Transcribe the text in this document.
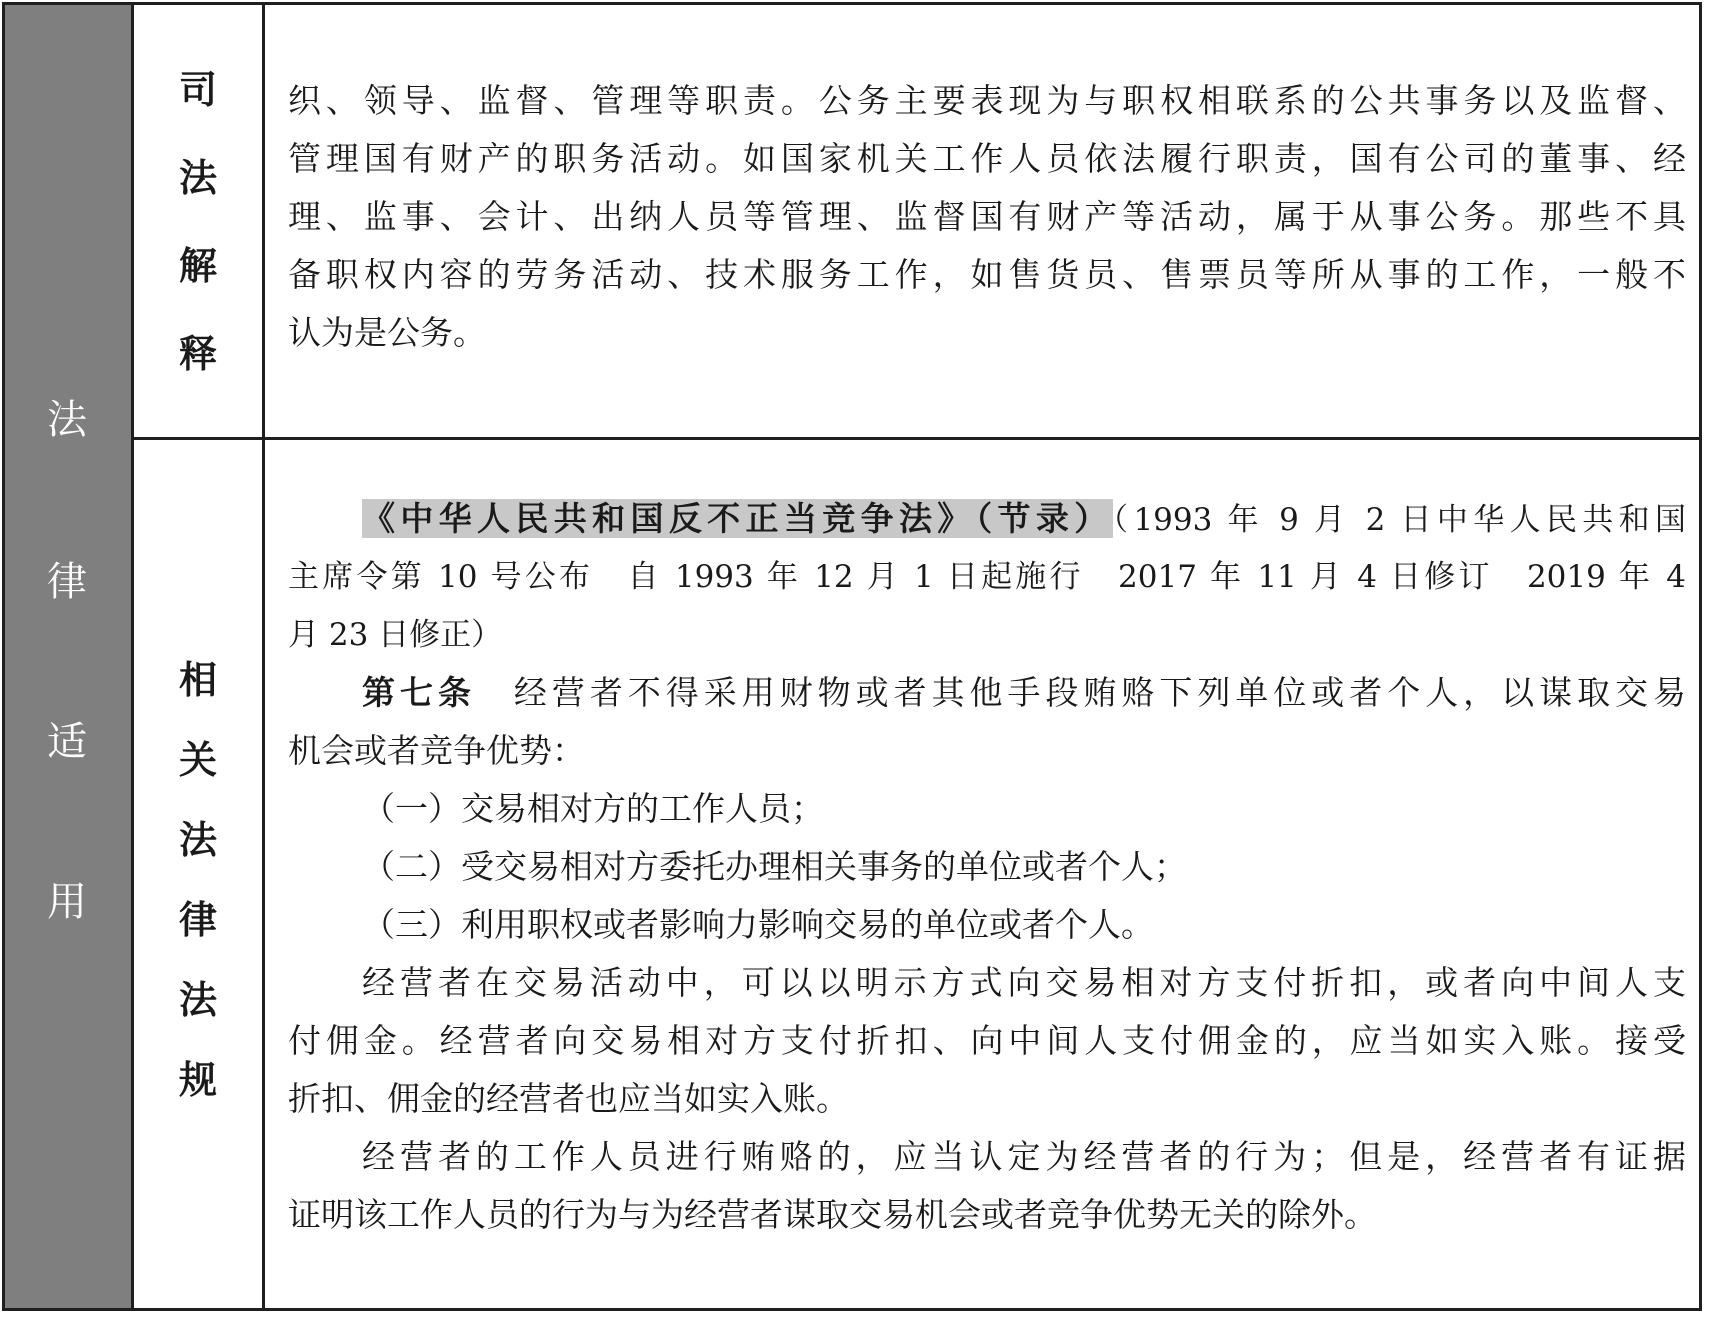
法
律
适
用
司
法
解
释
织、领导、监督、管理等职责。公务主要表现为与职权相联系的公共事务以及监督、
管理国有财产的职务活动。如国家机关工作人员依法履行职责，国有公司的董事、经
理、监事、会计、出纳人员等管理、监督国有财产等活动，属于从事公务。那些不具
备职权内容的劳务活动、技术服务工作，如售货员、售票员等所从事的工作，一般不
认为是公务。
相
关
法
律
法
规
《中华人民共和国反不正当竞争法》（节录）（1993 年 9 月 2 日中华人民共和国
主席令第 10 号公布　自 1993 年 12 月 1 日起施行　2017 年 11 月 4 日修订　2019 年 4
月 23 日修正）
第七条　 经营者不得采用财物或者其他手段贿赂下列单位或者个人，以谋取交易
机会或者竞争优势：
（一）交易相对方的工作人员；
（二）受交易相对方委托办理相关事务的单位或者个人；
（三）利用职权或者影响力影响交易的单位或者个人。
经营者在交易活动中，可以以明示方式向交易相对方支付折扣，或者向中间人支
付佣金。经营者向交易相对方支付折扣、向中间人支付佣金的，应当如实入账。接受
折扣、佣金的经营者也应当如实入账。
经营者的工作人员进行贿赂的，应当认定为经营者的行为；但是，经营者有证据
证明该工作人员的行为与为经营者谋取交易机会或者竞争优势无关的除外。
